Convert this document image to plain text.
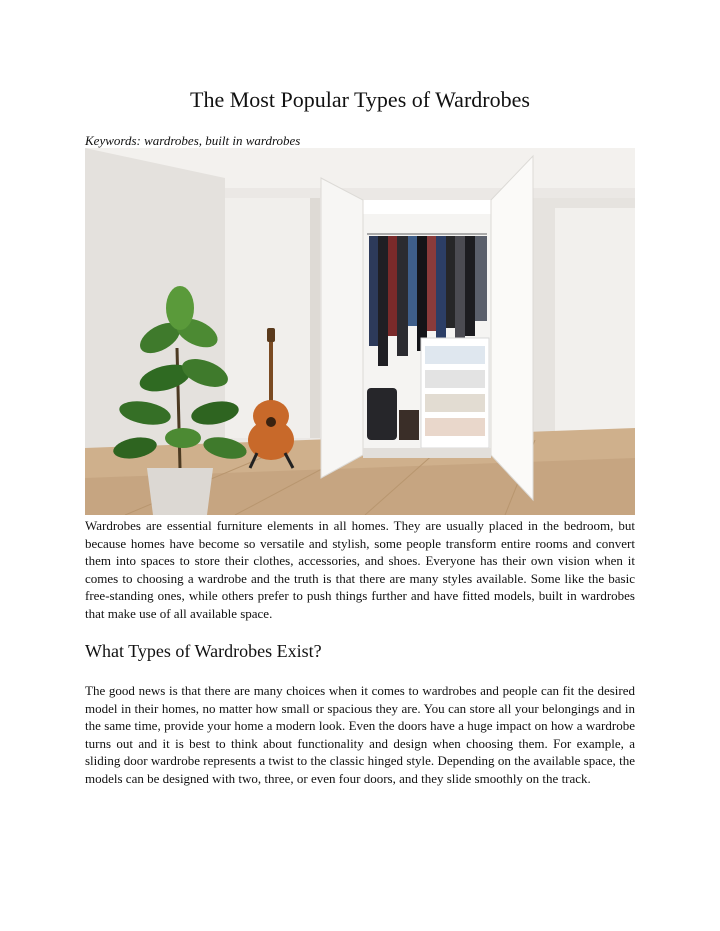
The Most Popular Types of Wardrobes

Keywords: wardrobes, built in wardrobes

Wardrobes are essential furniture elements in all homes. They are usually placed in the bedroom, but because homes have become so versatile and stylish, some people transform entire rooms and convert them into spaces to store their clothes, accessories, and shoes. Everyone has their own vision when it comes to choosing a wardrobe and the truth is that there are many styles available. Some like the basic free-standing ones, while others prefer to push things further and have fitted models, built in wardrobes that make use of all available space.

What Types of Wardrobes Exist?

The good news is that there are many choices when it comes to wardrobes and people can fit the desired model in their homes, no matter how small or spacious they are. You can store all your belongings and in the same time, provide your home a modern look. Even the doors have a huge impact on how a wardrobe turns out and it is best to think about functionality and design when choosing them. For example, a sliding door wardrobe represents a twist to the classic hinged style. Depending on the available space, the models can be designed with two, three, or even four doors, and they slide smoothly on the track.
